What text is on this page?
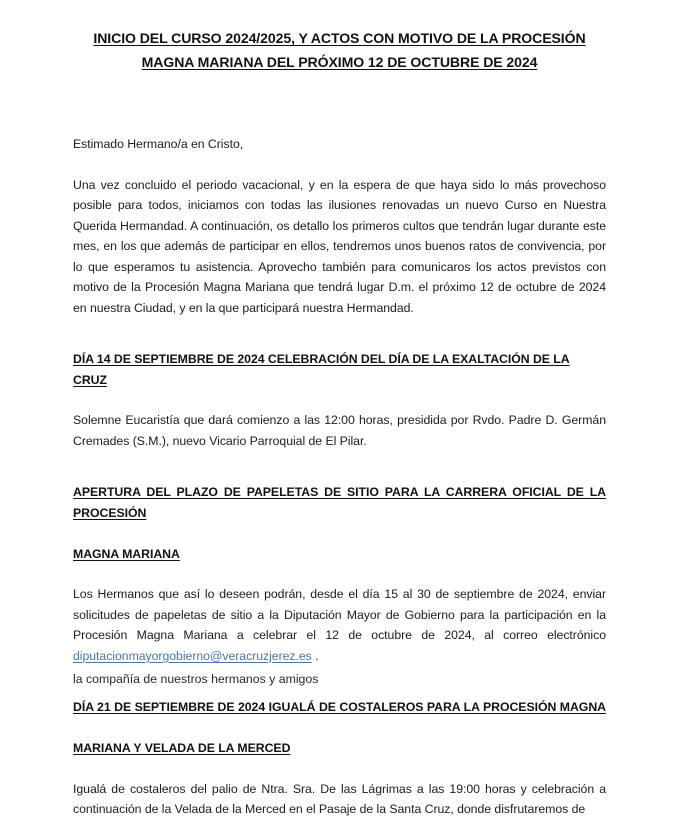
INICIO DEL CURSO 2024/2025, Y ACTOS CON MOTIVO DE LA PROCESIÓN MAGNA MARIANA DEL PRÓXIMO 12 DE OCTUBRE DE 2024

Estimado Hermano/a en Cristo,

Una vez concluido el periodo vacacional, y en la espera de que haya sido lo más provechoso posible para todos, iniciamos con todas las ilusiones renovadas un nuevo Curso en Nuestra Querida Hermandad. A continuación, os detallo los primeros cultos que tendrán lugar durante este mes, en los que además de participar en ellos, tendremos unos buenos ratos de convivencia, por lo que esperamos tu asistencia. Aprovecho también para comunicaros los actos previstos con motivo de la Procesión Magna Mariana que tendrá lugar D.m. el próximo 12 de octubre de 2024 en nuestra Ciudad, y en la que participará nuestra Hermandad.

DÍA 14 DE SEPTIEMBRE DE 2024 CELEBRACIÓN DEL DÍA DE LA EXALTACIÓN DE LA CRUZ

Solemne Eucaristía que dará comienzo a las 12:00 horas, presidida por Rvdo. Padre D. Germán Cremades (S.M.), nuevo Vicario Parroquial de El Pilar.

APERTURA DEL PLAZO DE PAPELETAS DE SITIO PARA LA CARRERA OFICIAL DE LA PROCESIÓN
MAGNA MARIANA

Los Hermanos que así lo deseen podrán, desde el día 15 al 30 de septiembre de 2024, enviar solicitudes de papeletas de sitio a la Diputación Mayor de Gobierno para la participación en la Procesión Magna Mariana a celebrar el 12 de octubre de 2024, al correo electrónico diputacionmayorgobierno@veracruzjerez.es .

DÍA 21 DE SEPTIEMBRE DE 2024 IGUALÁ DE COSTALEROS PARA LA PROCESIÓN MAGNA
MARIANA Y VELADA DE LA MERCED

Igualá de costaleros del palio de Ntra. Sra. De las Lágrimas a las 19:00 horas y celebración a continuación de la Velada de la Merced en el Pasaje de la Santa Cruz, donde disfrutaremos de

la compañía de nuestros hermanos y amigos
